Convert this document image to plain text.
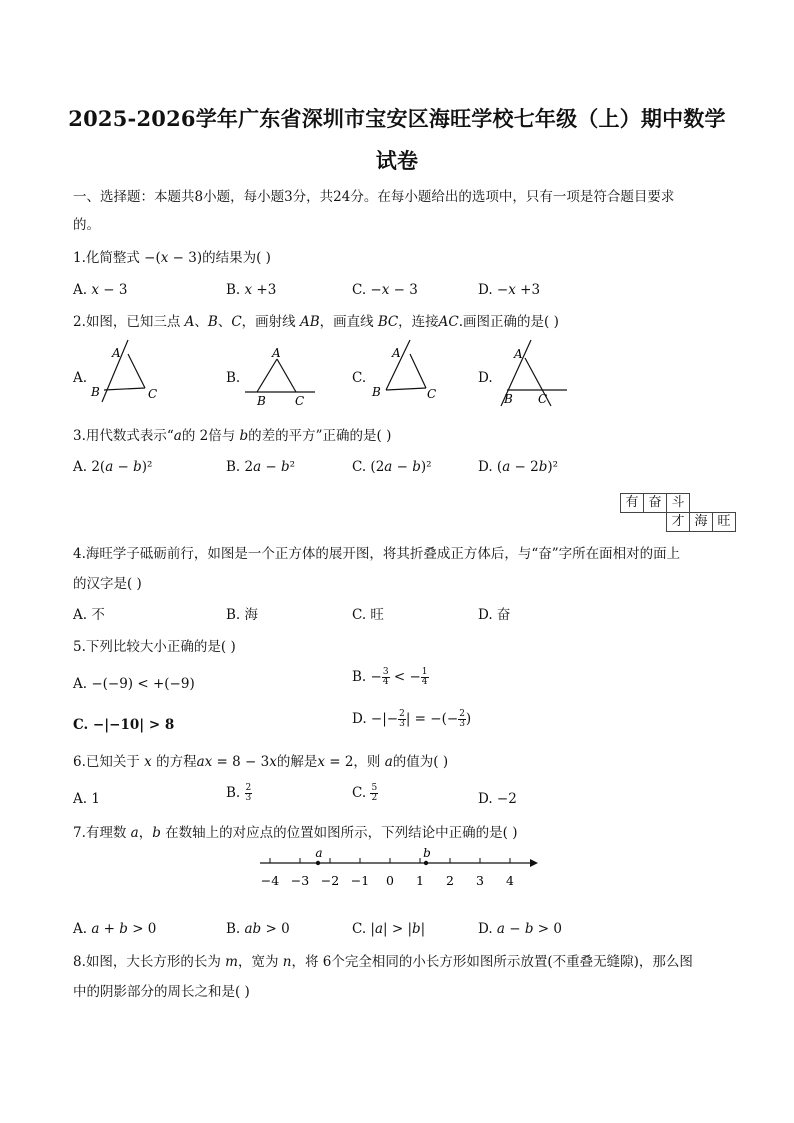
2025-2026学年广东省深圳市宝安区海旺学校七年级（上）期中数学
试卷
一、选择题：本题共8小题，每小题3分，共24分。在每小题给出的选项中，只有一项是符合题目要求
的。
1.化简整式 −(𝑥 − 3)的结果为( )
A. 𝑥 − 3	B. 𝑥 +3	C. −𝑥 − 3	D. −𝑥 +3
2.如图，已知三点 𝐴、𝐵、𝐶，画射线 𝐴𝐵，画直线 𝐵𝐶，连接𝐴𝐶.画图正确的是( )
A.	B.	C.	D.
A
B	C
A
B C
A
B	C
A
B C
3.用代数式表示“𝑎的 2倍与 𝑏的差的平方”正确的是( )
A. 2(𝑎 − 𝑏)²	B. 2𝑎 − 𝑏²	C. (2𝑎 − 𝑏)²	D. (𝑎 − 2𝑏)²
有 奋 斗
才 海 旺
4.海旺学子砥砺前行，如图是一个正方体的展开图，将其折叠成正方体后，与“奋”字所在面相对的面上
的汉字是( )
A. 不	B. 海	C. 旺	D. 奋
5.下列比较大小正确的是( )
A. −(−9) < +(−9)	B. − $\frac{3}{4}$ < − $\frac{1}{4}$
C. −|−10| > 8	D. −|− $\frac{2}{3}$ | = −(− $\frac{2}{3}$ )
6.已知关于 𝑥 的方程𝑎𝑥 = 8 − 3𝑥的解是𝑥 = 2，则 𝑎的值为( )
A. 1	B. $\frac{2}{3}$	C. $\frac{5}{2}$	D. −2
7.有理数 𝑎，𝑏 在数轴上的对应点的位置如图所示，下列结论中正确的是( )
−4 −3 −2 −1 0 1 2 3 4
a	b
A. 𝑎 + 𝑏 > 0	B. 𝑎𝑏 > 0	C. |𝑎| > |𝑏|	D. 𝑎 − 𝑏 > 0
8.如图，大长方形的长为 𝑚，宽为 𝑛，将 6个完全相同的小长方形如图所示放置(不重叠无缝隙)，那么图
中的阴影部分的周长之和是( )
